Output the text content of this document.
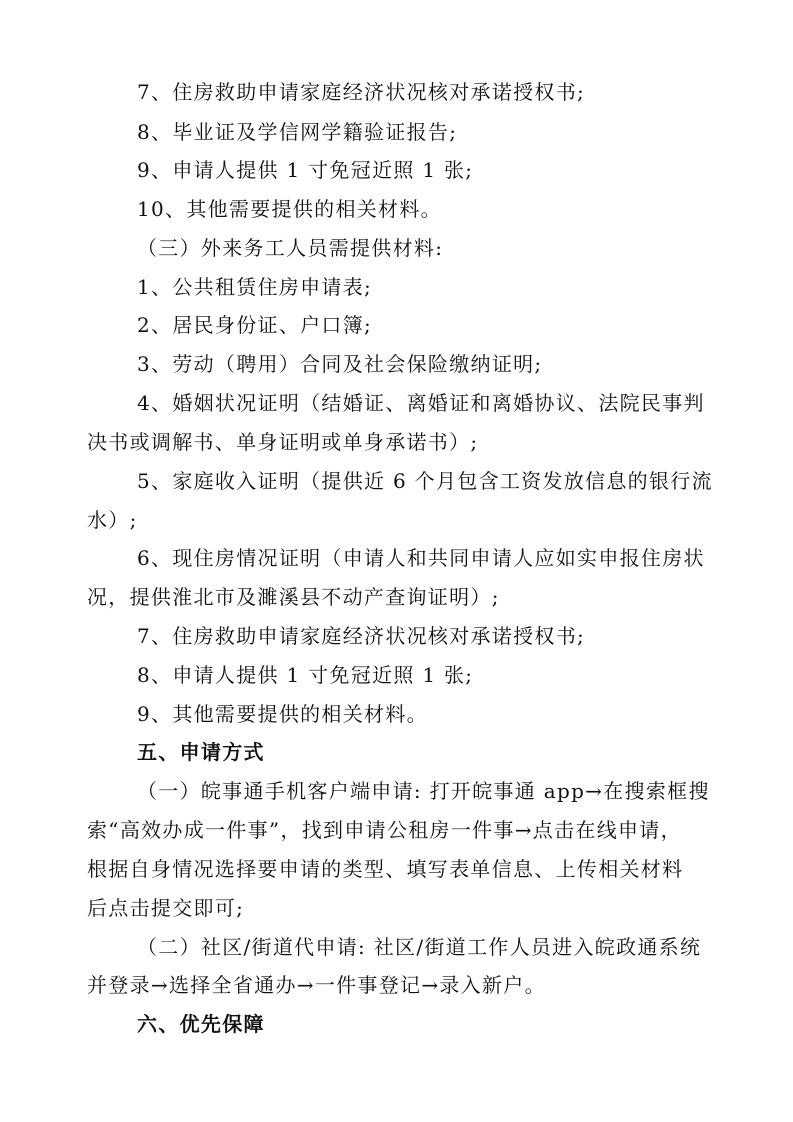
7、住房救助申请家庭经济状况核对承诺授权书;
8、毕业证及学信网学籍验证报告;
9、申请人提供 1 寸免冠近照 1 张;
10、其他需要提供的相关材料。
（三）外来务工人员需提供材料:
1、公共租赁住房申请表;
2、居民身份证、户口簿;
3、劳动（聘用）合同及社会保险缴纳证明;
4、婚姻状况证明（结婚证、离婚证和离婚协议、法院民事判
决书或调解书、单身证明或单身承诺书）;
5、家庭收入证明（提供近 6 个月包含工资发放信息的银行流
水）;
6、现住房情况证明（申请人和共同申请人应如实申报住房状
况，提供淮北市及濉溪县不动产查询证明）;
7、住房救助申请家庭经济状况核对承诺授权书;
8、申请人提供 1 寸免冠近照 1 张;
9、其他需要提供的相关材料。
五、申请方式
（一）皖事通手机客户端申请: 打开皖事通 app→在搜索框搜
索“高效办成一件事”，找到申请公租房一件事→点击在线申请，
根据自身情况选择要申请的类型、填写表单信息、上传相关材料
后点击提交即可;
（二）社区/街道代申请: 社区/街道工作人员进入皖政通系统
并登录→选择全省通办→一件事登记→录入新户。
六、优先保障
